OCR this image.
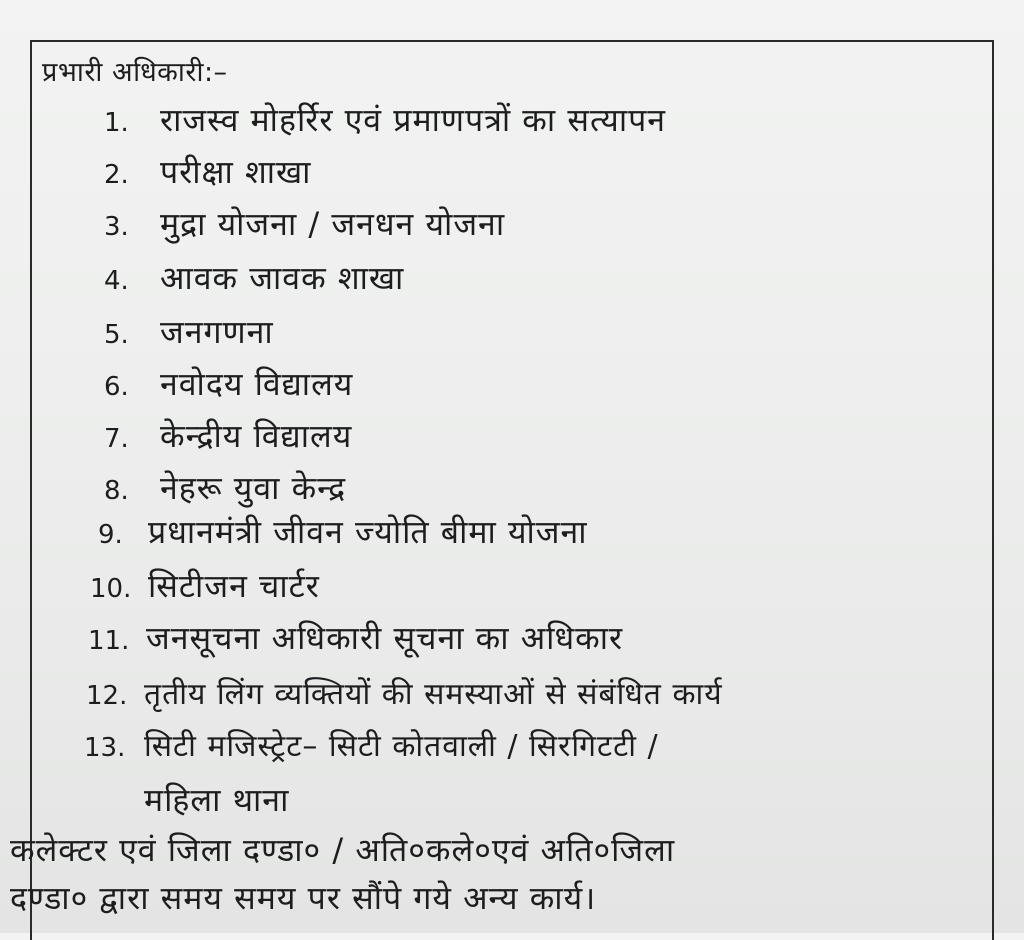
प्रभारी अधिकारी:–
1. राजस्व मोहर्रिर एवं प्रमाणपत्रों का सत्यापन
2. परीक्षा शाखा
3. मुद्रा योजना / जनधन योजना
4. आवक जावक शाखा
5. जनगणना
6. नवोदय विद्यालय
7. केन्द्रीय विद्यालय
8. नेहरू युवा केन्द्र
9. प्रधानमंत्री जीवन ज्योति बीमा योजना
10. सिटीजन चार्टर
11. जनसूचना अधिकारी सूचना का अधिकार
12. तृतीय लिंग व्यक्तियों की समस्याओं से संबंधित कार्य
13. सिटी मजिस्ट्रेट– सिटी कोतवाली / सिरगिटटी /
महिला थाना
कलेक्टर एवं जिला दण्डा० / अति०कले०एवं अति०जिला
दण्डा० द्वारा समय समय पर सौंपे गये अन्य कार्य।
